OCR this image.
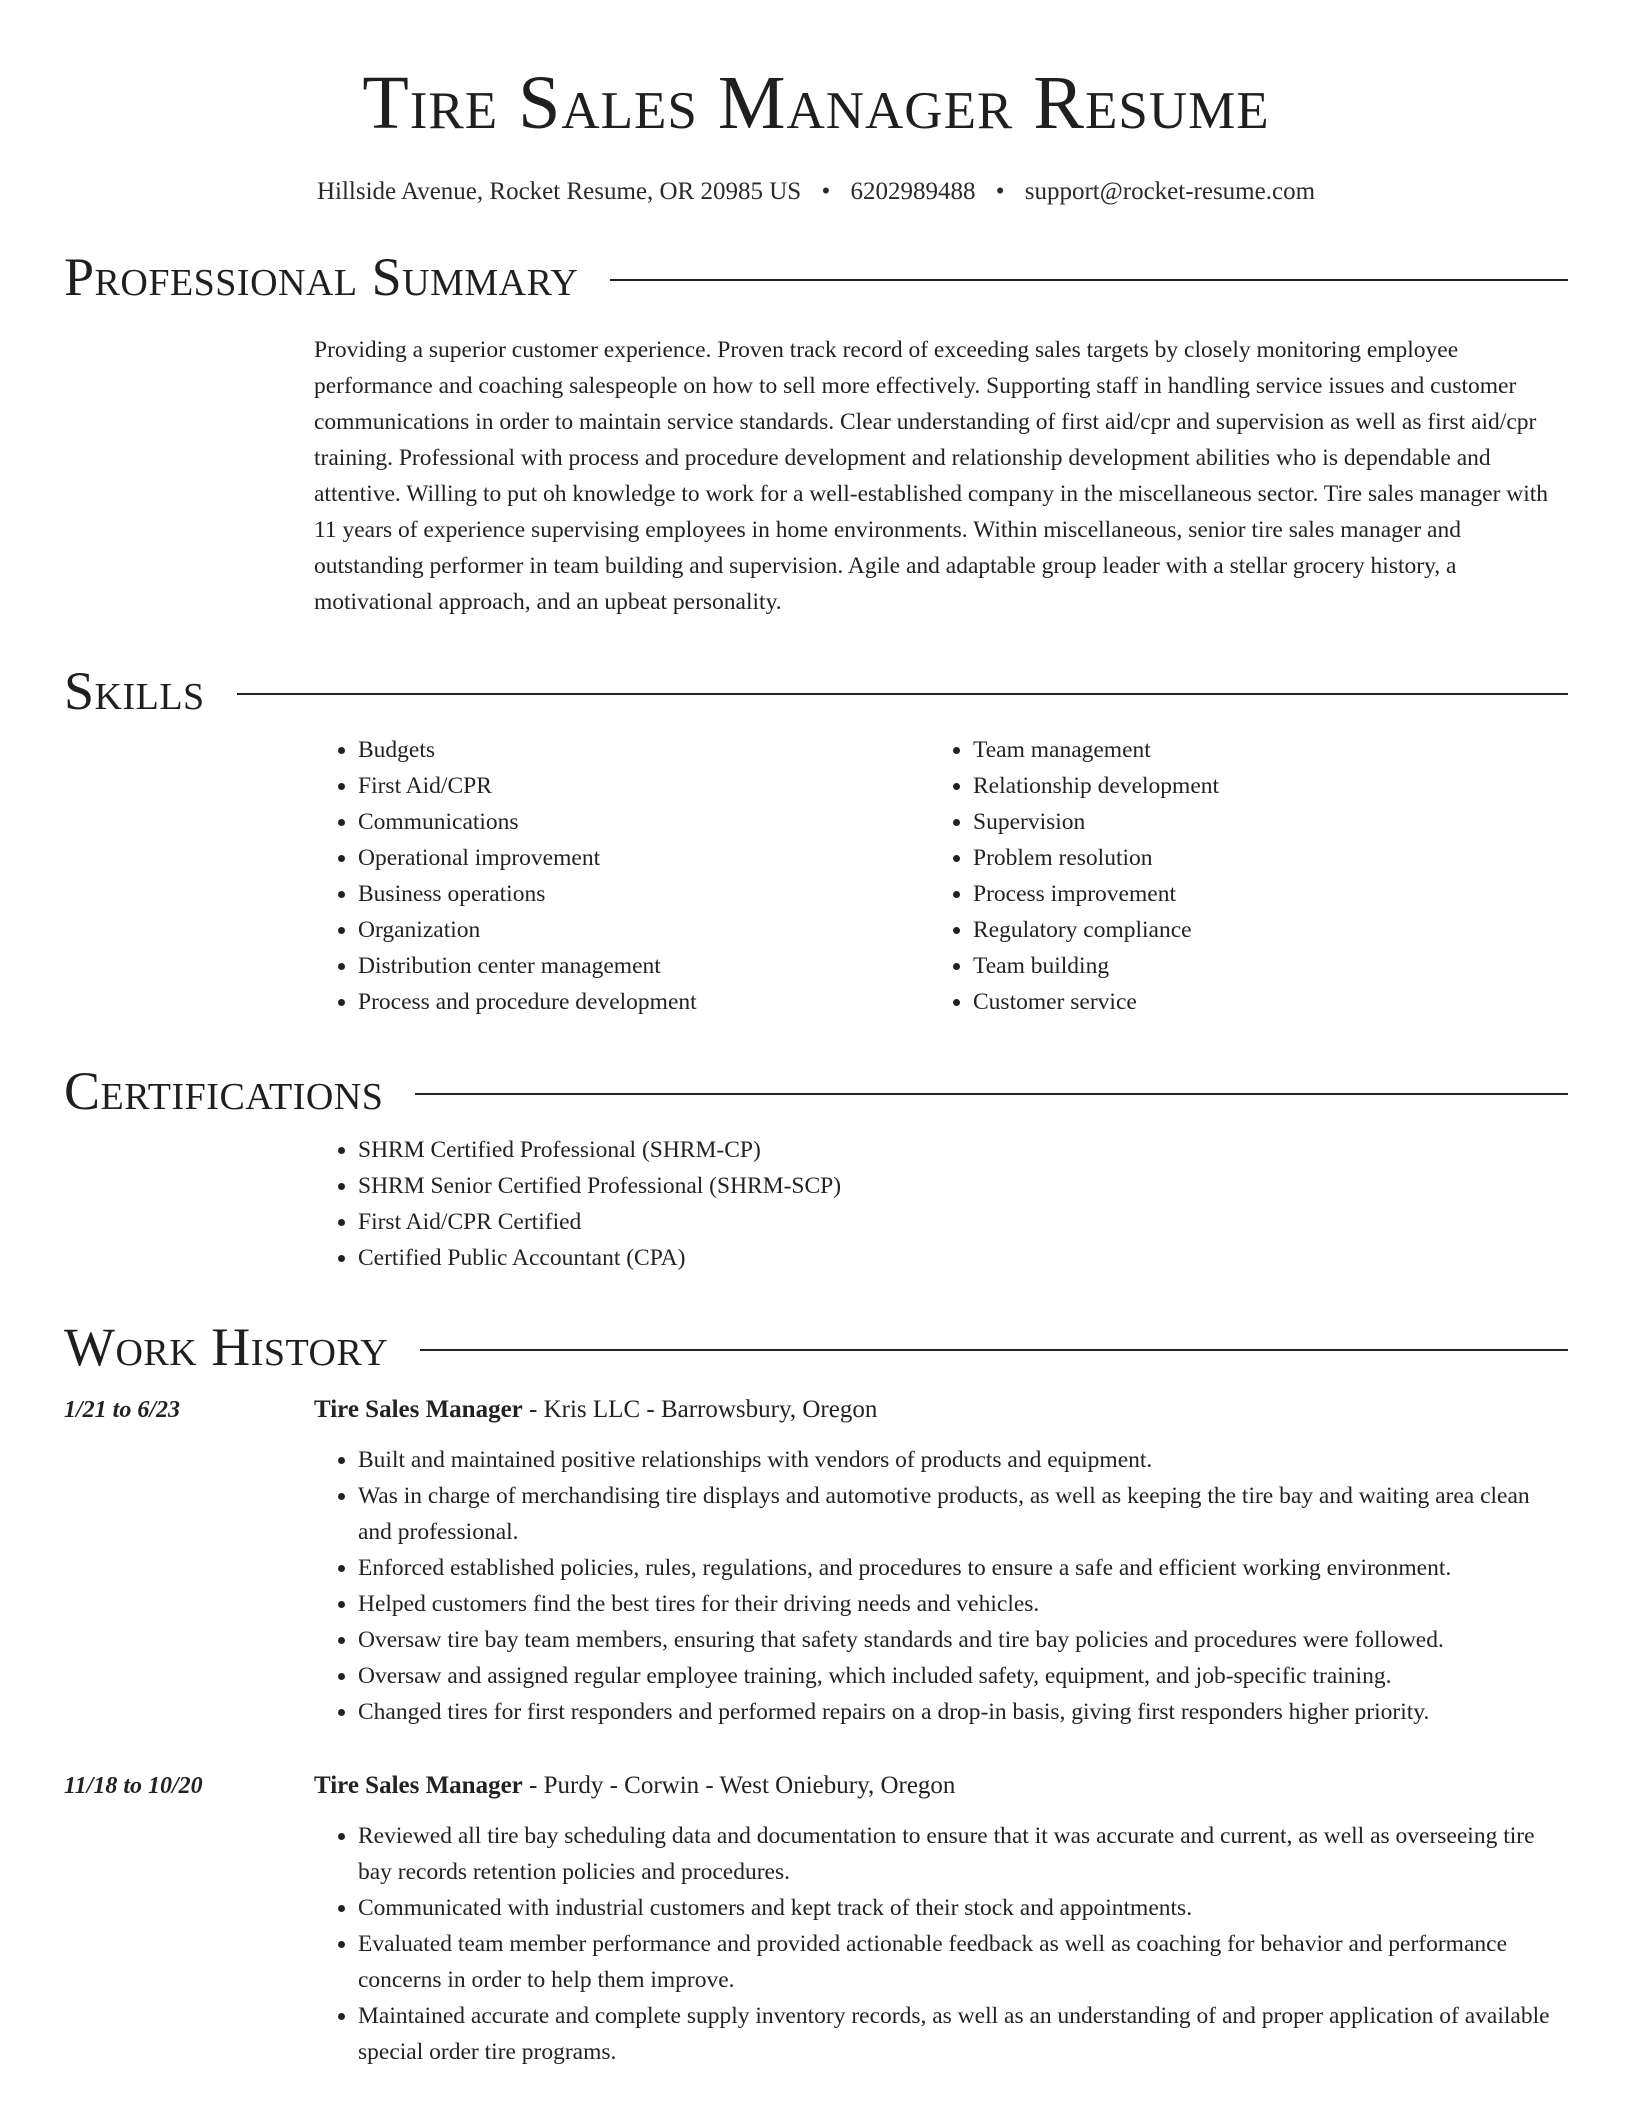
Tire Sales Manager Resume
Hillside Avenue, Rocket Resume, OR 20985 US • 6202989488 • support@rocket-resume.com
Professional Summary
Providing a superior customer experience. Proven track record of exceeding sales targets by closely monitoring employee performance and coaching salespeople on how to sell more effectively. Supporting staff in handling service issues and customer communications in order to maintain service standards. Clear understanding of first aid/cpr and supervision as well as first aid/cpr training. Professional with process and procedure development and relationship development abilities who is dependable and attentive. Willing to put oh knowledge to work for a well-established company in the miscellaneous sector. Tire sales manager with 11 years of experience supervising employees in home environments. Within miscellaneous, senior tire sales manager and outstanding performer in team building and supervision. Agile and adaptable group leader with a stellar grocery history, a motivational approach, and an upbeat personality.
Skills
• Budgets
• First Aid/CPR
• Communications
• Operational improvement
• Business operations
• Organization
• Distribution center management
• Process and procedure development
• Team management
• Relationship development
• Supervision
• Problem resolution
• Process improvement
• Regulatory compliance
• Team building
• Customer service
Certifications
• SHRM Certified Professional (SHRM-CP)
• SHRM Senior Certified Professional (SHRM-SCP)
• First Aid/CPR Certified
• Certified Public Accountant (CPA)
Work History
1/21 to 6/23	Tire Sales Manager - Kris LLC - Barrowsbury, Oregon
• Built and maintained positive relationships with vendors of products and equipment.
• Was in charge of merchandising tire displays and automotive products, as well as keeping the tire bay and waiting area clean and professional.
• Enforced established policies, rules, regulations, and procedures to ensure a safe and efficient working environment.
• Helped customers find the best tires for their driving needs and vehicles.
• Oversaw tire bay team members, ensuring that safety standards and tire bay policies and procedures were followed.
• Oversaw and assigned regular employee training, which included safety, equipment, and job-specific training.
• Changed tires for first responders and performed repairs on a drop-in basis, giving first responders higher priority.
11/18 to 10/20	Tire Sales Manager - Purdy - Corwin - West Oniebury, Oregon
• Reviewed all tire bay scheduling data and documentation to ensure that it was accurate and current, as well as overseeing tire bay records retention policies and procedures.
• Communicated with industrial customers and kept track of their stock and appointments.
• Evaluated team member performance and provided actionable feedback as well as coaching for behavior and performance concerns in order to help them improve.
• Maintained accurate and complete supply inventory records, as well as an understanding of and proper application of available special order tire programs.
